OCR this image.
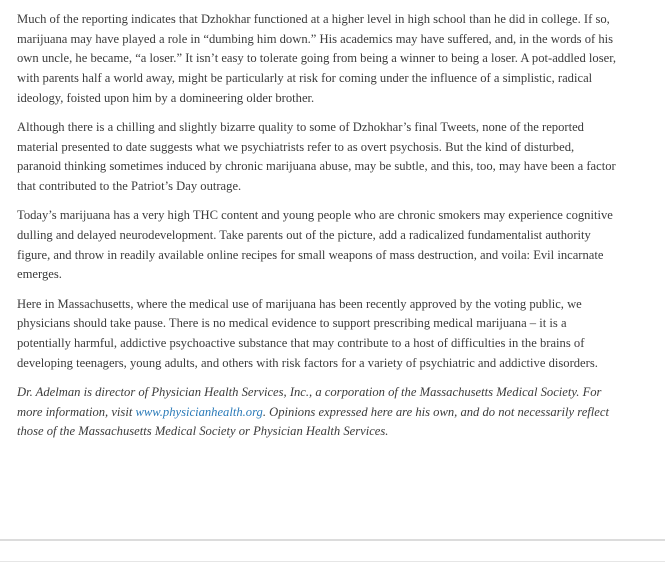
Much of the reporting indicates that Dzhokhar functioned at a higher level in high school than he did in college. If so, marijuana may have played a role in “dumbing him down.” His academics may have suffered, and, in the words of his own uncle, he became, “a loser.” It isn’t easy to tolerate going from being a winner to being a loser. A pot-addled loser, with parents half a world away, might be particularly at risk for coming under the influence of a simplistic, radical ideology, foisted upon him by a domineering older brother.

Although there is a chilling and slightly bizarre quality to some of Dzhokhar’s final Tweets, none of the reported material presented to date suggests what we psychiatrists refer to as overt psychosis. But the kind of disturbed, paranoid thinking sometimes induced by chronic marijuana abuse, may be subtle, and this, too, may have been a factor that contributed to the Patriot’s Day outrage.

Today’s marijuana has a very high THC content and young people who are chronic smokers may experience cognitive dulling and delayed neurodevelopment. Take parents out of the picture, add a radicalized fundamentalist authority figure, and throw in readily available online recipes for small weapons of mass destruction, and voila: Evil incarnate emerges.

Here in Massachusetts, where the medical use of marijuana has been recently approved by the voting public, we physicians should take pause. There is no medical evidence to support prescribing medical marijuana – it is a potentially harmful, addictive psychoactive substance that may contribute to a host of difficulties in the brains of developing teenagers, young adults, and others with risk factors for a variety of psychiatric and addictive disorders.

Dr. Adelman is director of Physician Health Services, Inc., a corporation of the Massachusetts Medical Society. For more information, visit www.physicianhealth.org. Opinions expressed here are his own, and do not necessarily reflect those of the Massachusetts Medical Society or Physician Health Services.
